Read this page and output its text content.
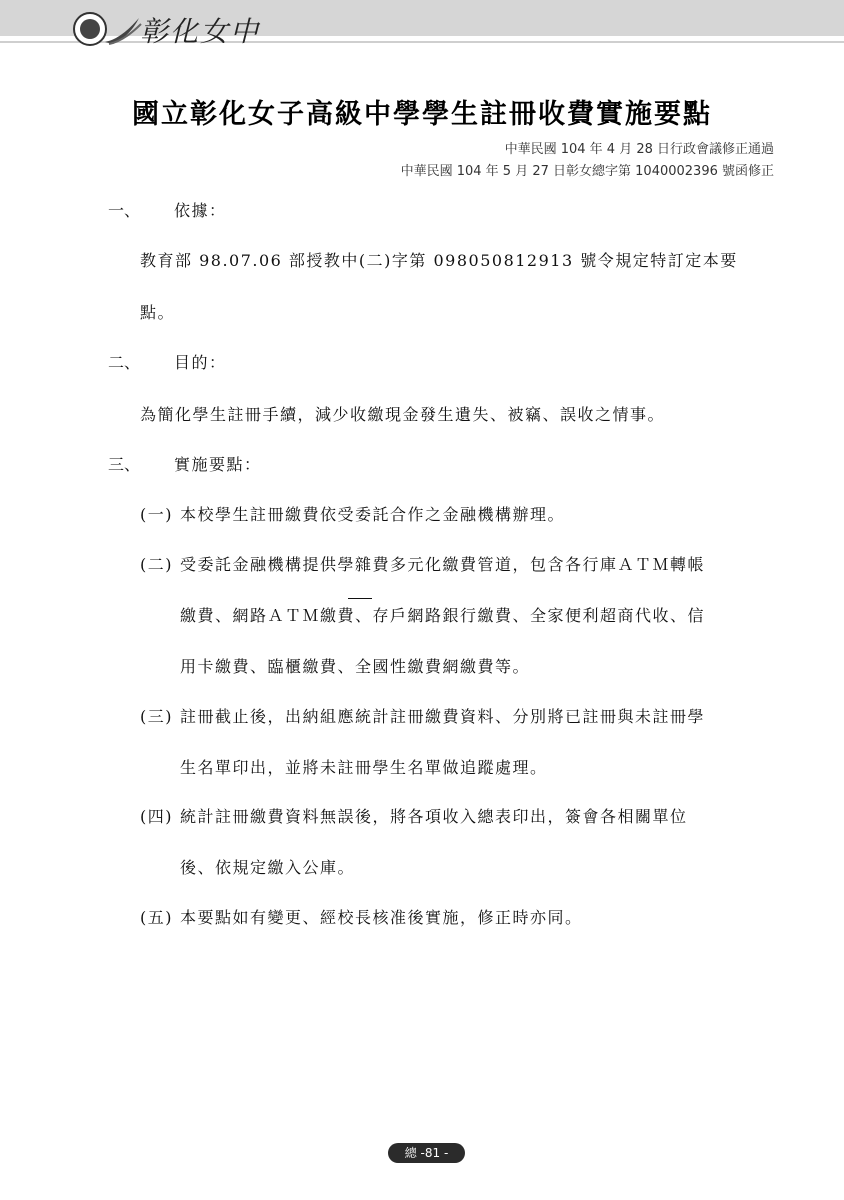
彰化女中
國立彰化女子高級中學學生註冊收費實施要點
中華民國 104 年 4 月 28 日行政會議修正通過
中華民國 104 年 5 月 27 日彰女總字第 1040002396 號函修正
一、 依據：
教育部 98.07.06 部授教中(二)字第 098050812913 號令規定特訂定本要
點。
二、 目的：
為簡化學生註冊手續，減少收繳現金發生遺失、被竊、誤收之情事。
三、 實施要點：
(一) 本校學生註冊繳費依受委託合作之金融機構辦理。
(二) 受委託金融機構提供學雜費多元化繳費管道，包含各行庫ＡＴＭ轉帳
繳費、網路ＡＴＭ繳費、存戶網路銀行繳費、全家便利超商代收、信
用卡繳費、臨櫃繳費、全國性繳費網繳費等。
(三) 註冊截止後，出納組應統計註冊繳費資料、分別將已註冊與未註冊學
生名單印出，並將未註冊學生名單做追蹤處理。
(四) 統計註冊繳費資料無誤後，將各項收入總表印出，簽會各相關單位
後、依規定繳入公庫。
(五) 本要點如有變更、經校長核准後實施，修正時亦同。
總 -81 -
